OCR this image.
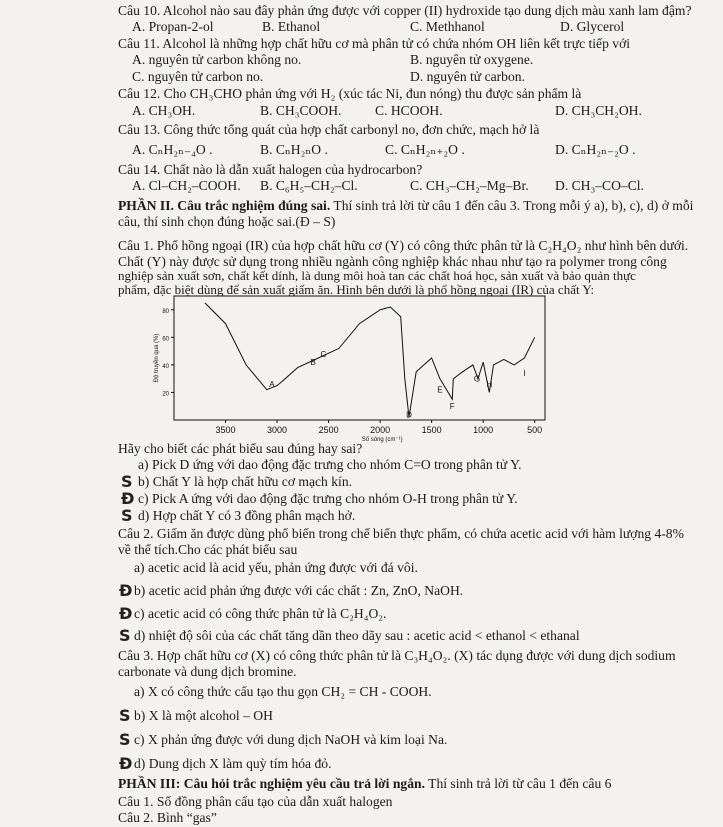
Câu 10. Alcohol nào sau đây phản ứng được với copper (II) hydroxide tạo dung dịch màu xanh lam đậm?
A. Propan-2-ol	B. Ethanol	C. Methhanol	D. Glycerol
Câu 11. Alcohol là những hợp chất hữu cơ mà phân tử có chứa nhóm OH liên kết trực tiếp với
A. nguyên tử carbon không no.	B. nguyên tử oxygene.
C. nguyên tử carbon no.	D. nguyên tử carbon.
Câu 12. Cho CH₃CHO phản ứng với H₂ (xúc tác Ni, đun nóng) thu được sản phẩm là
A. CH₃OH.	B. CH₃COOH. C. HCOOH.	D. CH₃CH₂OH.
Câu 13. Công thức tổng quát của hợp chất carbonyl no, đơn chức, mạch hở là
A. CₙH₂ₙ₋₄O .	B. CₙH₂ₙO .	C. CₙH₂ₙ₊₂O .	D. CₙH₂ₙ₋₂O .
Câu 14. Chất nào là dẫn xuất halogen của hydrocarbon?
A. Cl–CH₂–COOH. B. C₆H₅–CH₂–Cl.	C. CH₃–CH₂–Mg–Br. D. CH₃–CO–Cl.
PHẦN II. Câu trắc nghiệm đúng sai. Thí sinh trả lời từ câu 1 đến câu 3. Trong mỗi ý a), b), c), d) ở mỗi
câu, thí sinh chọn đúng hoặc sai.(Đ – S)
Câu 1. Phổ hồng ngoại (IR) của hợp chất hữu cơ (Y) có công thức phân tử là C₂H₄O₂ như hình bên dưới.
Chất (Y) này được sử dụng trong nhiều ngành công nghiệp khác nhau như tạo ra polymer trong công
nghiệp sản xuất sơn, chất kết dính, là dung môi hoà tan các chất hoá học, sản xuất và bảo quản thực
phẩm, đặc biệt dùng để sản xuất giấm ăn. Hình bên dưới là phổ hồng ngoại (IR) của chất Y:
3500	3000	2500	2000	1500	1000	500
20
40
60
80
A
B
C
D
E
F
G
H
I
Số sóng (cm⁻¹)
Độ truyền qua (%)
Hãy cho biết các phát biểu sau đúng hay sai?
a) Pick D ứng với dao động đặc trưng cho nhóm C=O trong phân tử Y.
b) Chất Y là hợp chất hữu cơ mạch kín.
c) Pick A ứng với dao động đặc trưng cho nhóm O-H trong phân tử Y.
d) Hợp chất Y có 3 đồng phân mạch hở.
Câu 2. Giấm ăn được dùng phổ biến trong chế biến thực phẩm, có chứa acetic acid với hàm lượng 4-8%
về thể tích.Cho các phát biểu sau
a) acetic acid là acid yếu, phản ứng được với đá vôi.
b) acetic acid phản ứng được với các chất : Zn, ZnO, NaOH.
c) acetic acid có công thức phân tử là C₂H₄O₂.
d) nhiệt độ sôi của các chất tăng dần theo dãy sau : acetic acid < ethanol < ethanal
Câu 3. Hợp chất hữu cơ (X) có công thức phân tử là C₃H₄O₂. (X) tác dụng được với dung dịch sodium
carbonate và dung dịch bromine.
a) X có công thức cấu tạo thu gọn CH₂ = CH - COOH.
b) X là một alcohol – OH
c) X phản ứng được với dung dịch NaOH và kim loại Na.
d) Dung dịch X làm quỳ tím hóa đỏ.
PHẦN III: Câu hỏi trắc nghiệm yêu cầu trả lời ngắn. Thí sinh trả lời từ câu 1 đến câu 6
Câu 1. Số đồng phân cấu tạo của dẫn xuất halogen
Câu 2. Bình “gas”
S
Đ
S
Đ
Đ
S
S
S
Đ
